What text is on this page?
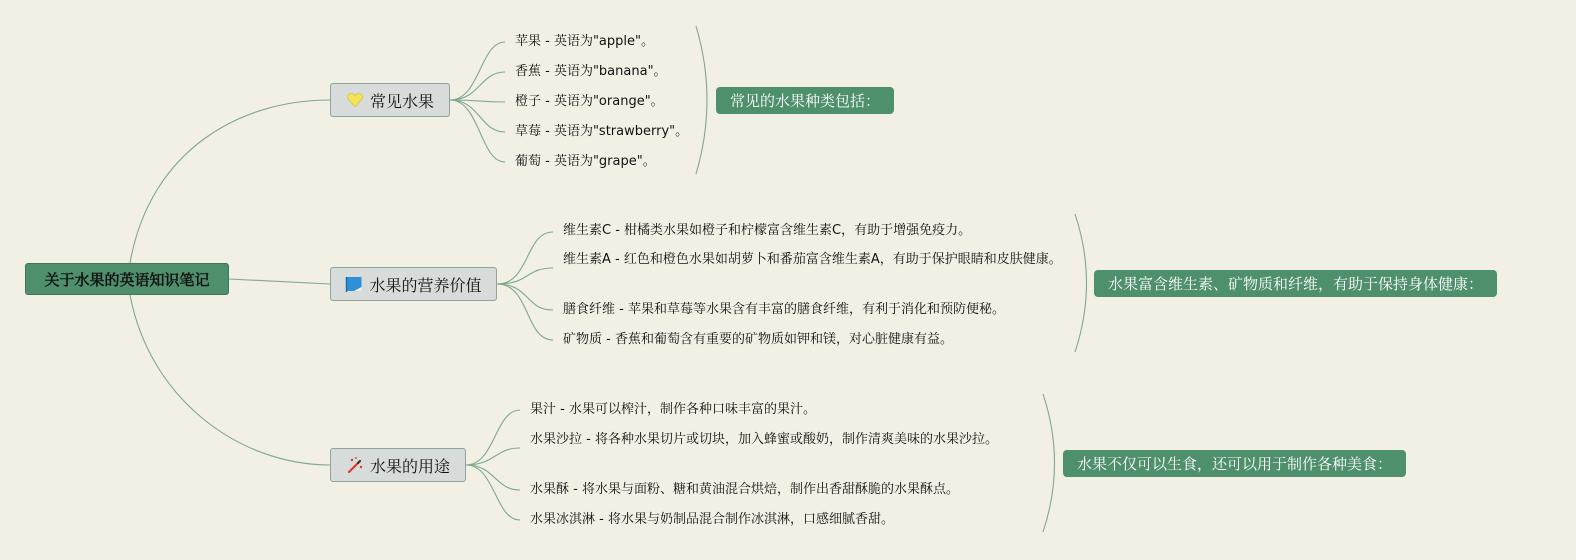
关于水果的英语知识笔记
常见水果
苹果 - 英语为"apple"。
香蕉 - 英语为"banana"。
橙子 - 英语为"orange"。
草莓 - 英语为"strawberry"。
葡萄 - 英语为"grape"。
常见的水果种类包括：
水果的营养价值
维生素C - 柑橘类水果如橙子和柠檬富含维生素C，有助于增强免疫力。
维生素A - 红色和橙色水果如胡萝卜和番茄富含维生素A，有助于保护眼睛和皮肤健康。
膳食纤维 - 苹果和草莓等水果含有丰富的膳食纤维，有利于消化和预防便秘。
矿物质 - 香蕉和葡萄含有重要的矿物质如钾和镁，对心脏健康有益。
水果富含维生素、矿物质和纤维，有助于保持身体健康：
水果的用途
果汁 - 水果可以榨汁，制作各种口味丰富的果汁。
水果沙拉 - 将各种水果切片或切块，加入蜂蜜或酸奶，制作清爽美味的水果沙拉。
水果酥 - 将水果与面粉、糖和黄油混合烘焙，制作出香甜酥脆的水果酥点。
水果冰淇淋 - 将水果与奶制品混合制作冰淇淋，口感细腻香甜。
水果不仅可以生食，还可以用于制作各种美食：
